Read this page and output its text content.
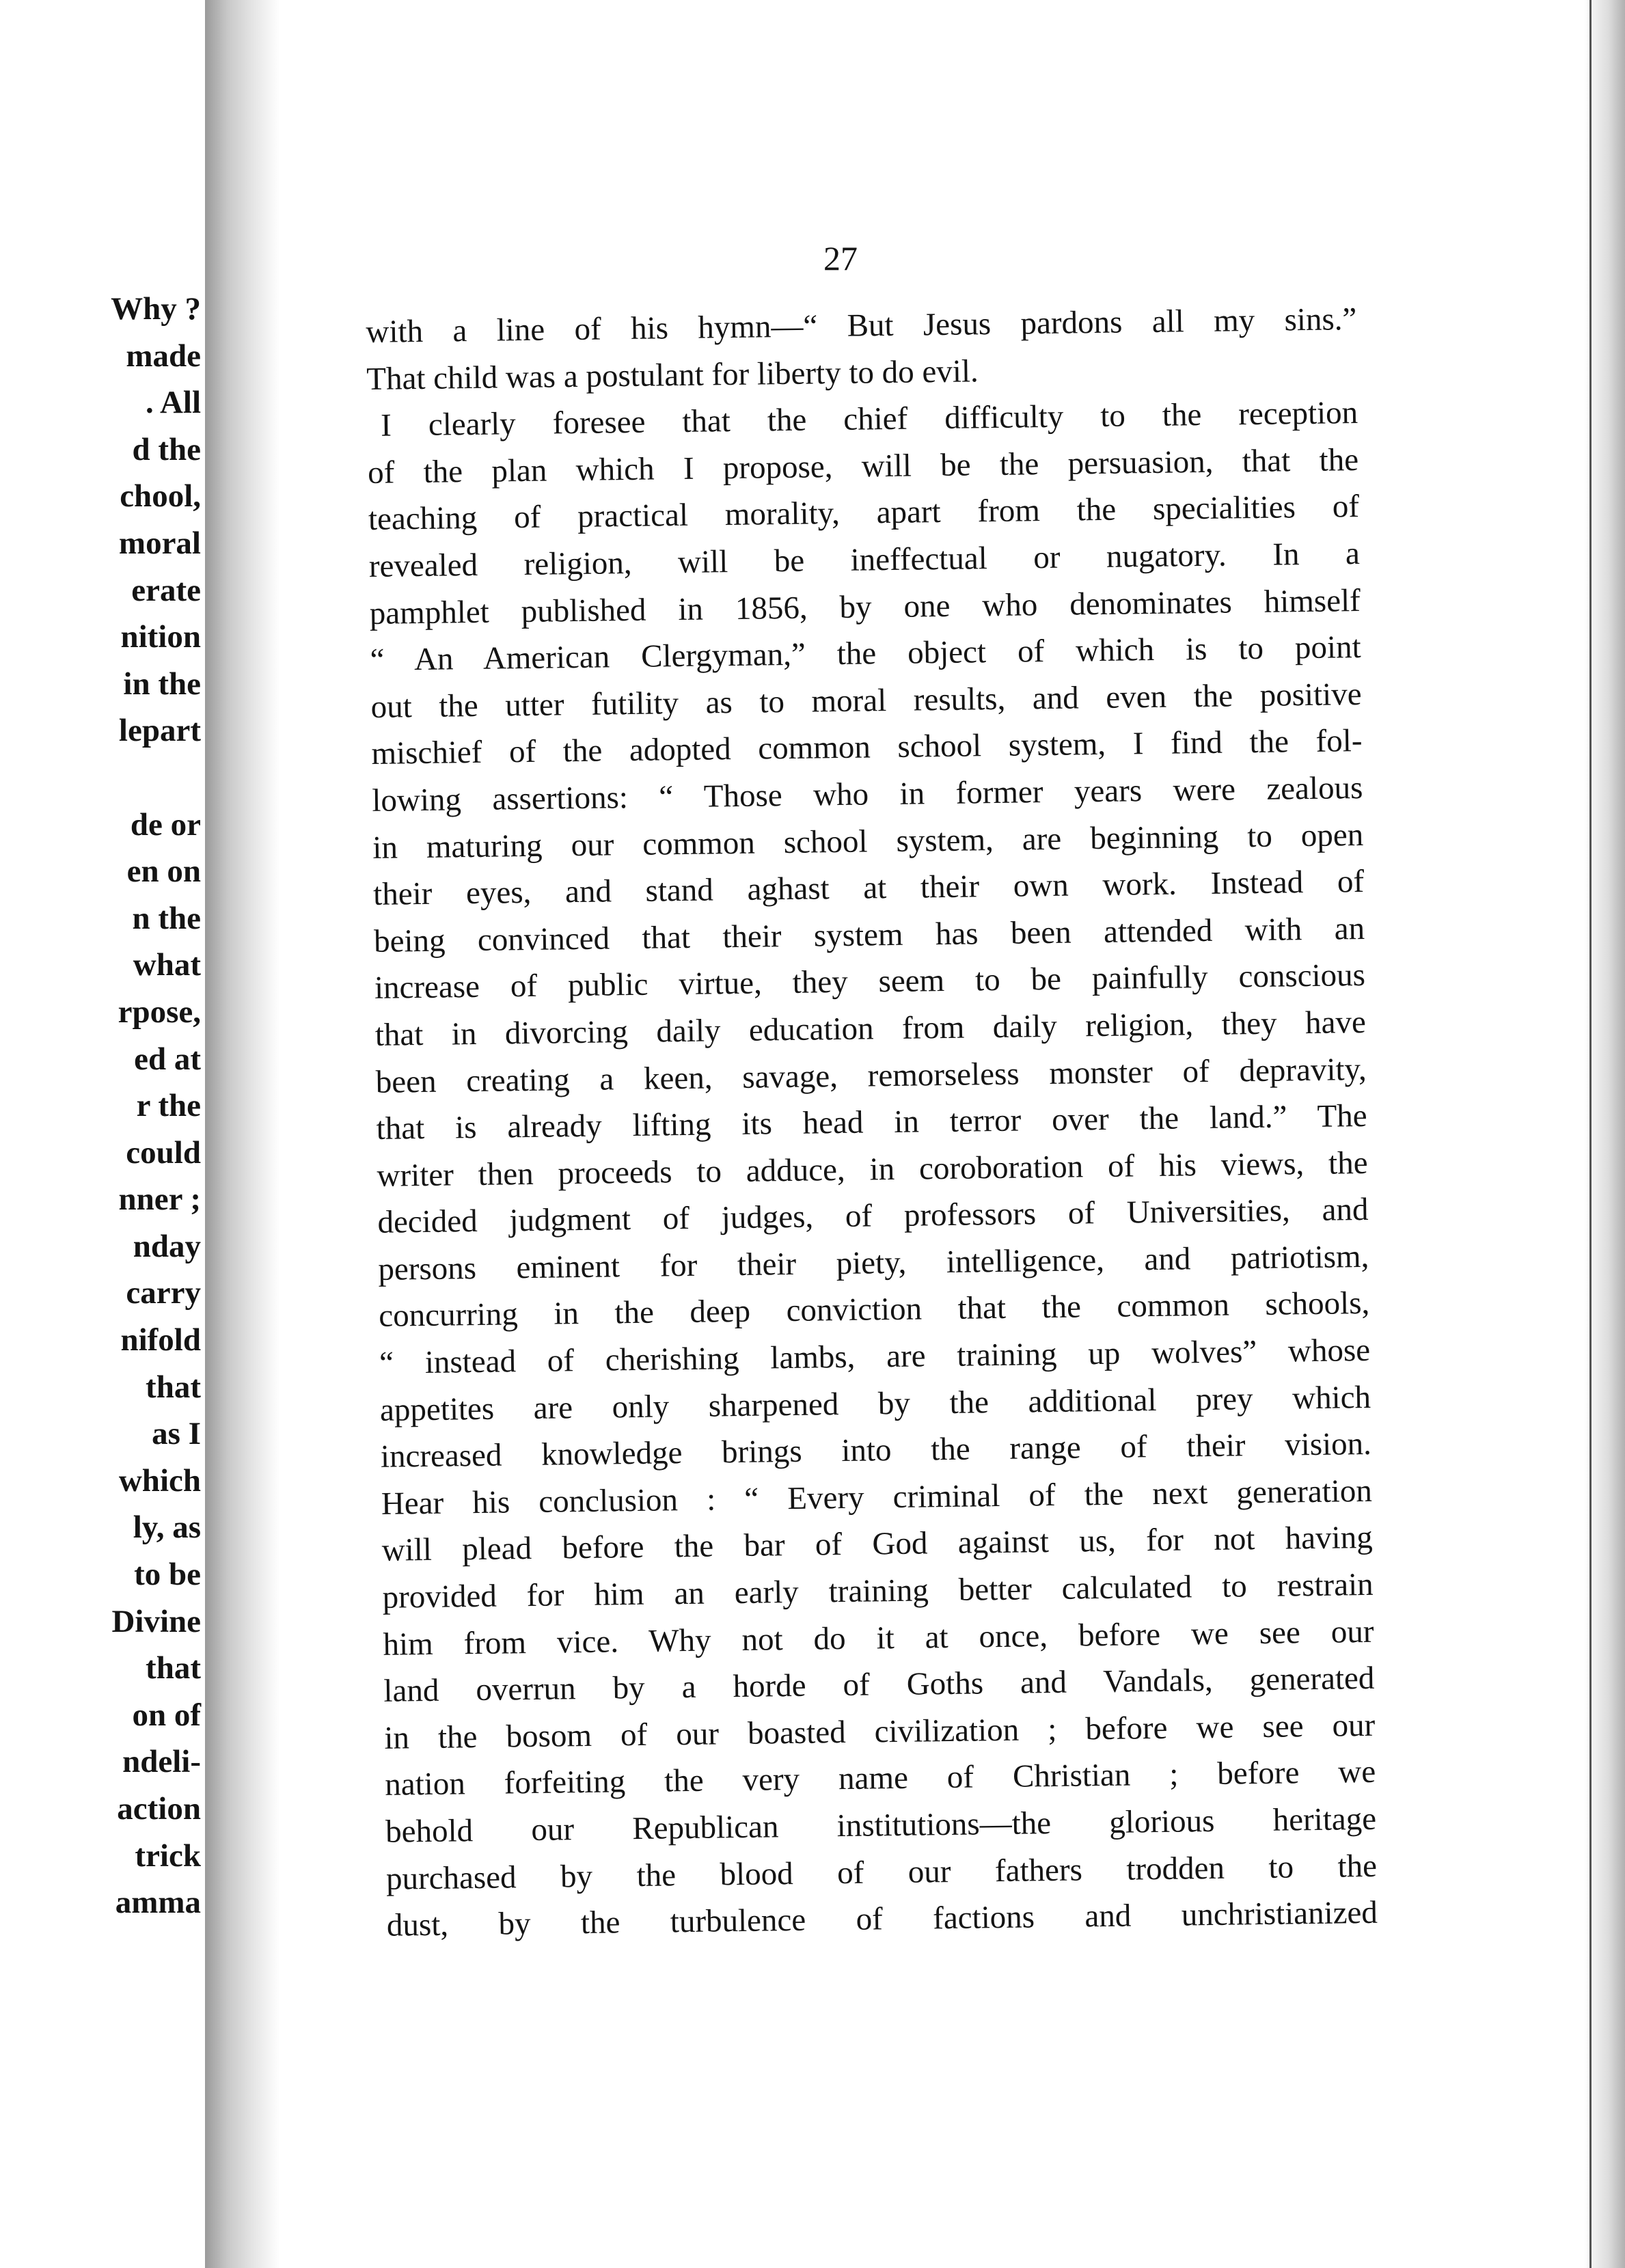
Why ?
made
. All
d the
chool,
moral
erate
nition
in the
lepart
de or
en on
n the
what
rpose,
ed at
r the
could
nner ;
nday
carry
nifold
that
as I
which
ly, as
to be
Divine
that
on of
ndeli-
action
trick
amma
27
with a line of his hymn—“ But Jesus pardons all my sins.”
That child was a postulant for liberty to do evil.
I clearly foresee that the chief difficulty to the reception
of the plan which I propose, will be the persuasion, that the
teaching of practical morality, apart from the specialities of
revealed religion, will be ineffectual or nugatory. In a
pamphlet published in 1856, by one who denominates himself
“ An American Clergyman,” the object of which is to point
out the utter futility as to moral results, and even the positive
mischief of the adopted common school system, I find the fol-
lowing assertions: “ Those who in former years were zealous
in maturing our common school system, are beginning to open
their eyes, and stand aghast at their own work. Instead of
being convinced that their system has been attended with an
increase of public virtue, they seem to be painfully conscious
that in divorcing daily education from daily religion, they have
been creating a keen, savage, remorseless monster of depravity,
that is already lifting its head in terror over the land.” The
writer then proceeds to adduce, in coroboration of his views, the
decided judgment of judges, of professors of Universities, and
persons eminent for their piety, intelligence, and patriotism,
concurring in the deep conviction that the common schools,
“ instead of cherishing lambs, are training up wolves” whose
appetites are only sharpened by the additional prey which
increased knowledge brings into the range of their vision.
Hear his conclusion : “ Every criminal of the next generation
will plead before the bar of God against us, for not having
provided for him an early training better calculated to restrain
him from vice. Why not do it at once, before we see our
land overrun by a horde of Goths and Vandals, generated
in the bosom of our boasted civilization ; before we see our
nation forfeiting the very name of Christian ; before we
behold our Republican institutions—the glorious heritage
purchased by the blood of our fathers trodden to the
dust, by the turbulence of factions and unchristianized
